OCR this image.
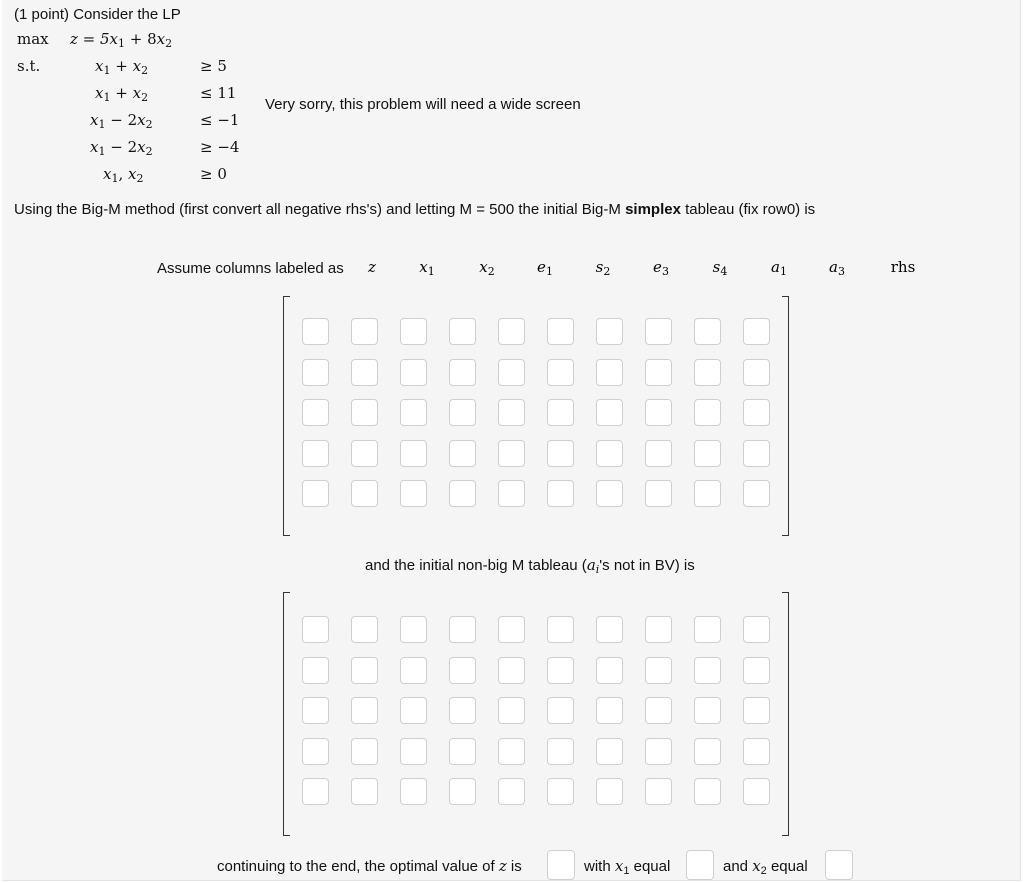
(1 point) Consider the LP
$\max z = 5x_1 + 8x_2$
s.t.	$x_1 + x_2$	≥ 5
$x_1 + x_2$	≤ 11
$x_1 - 2x_2$	≤ −1
$x_1 - 2x_2$	≥ −4
$x_1$, $x_2$	≥ 0
Very sorry, this problem will need a wide screen
Using the Big-M method (first convert all negative rhs's) and letting M = 500 the initial Big-M simplex tableau (fix row0) is
Assume columns labeled as	z	$x_1$	$x_2$	$e_1$	$s_2$	$e_3$	$s_4$	$a_1$	$a_3$	rhs
and the initial non-big M tableau ($a_i's$ not in BV) is
continuing to the end, the optimal value of z is	with $x_1$ equal	and $x_2$ equal
